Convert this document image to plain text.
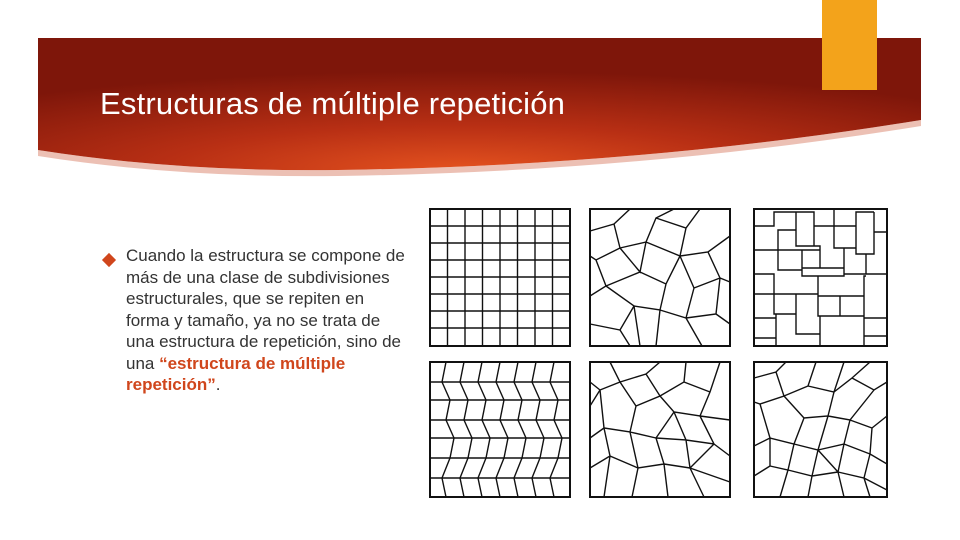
Estructuras de múltiple repetición
Cuando la estructura se compone de más de una clase de subdivisiones estructurales, que se repiten en forma y tamaño, ya no se trata de una estructura de repetición, sino de una “estructura de múltiple repetición”.
